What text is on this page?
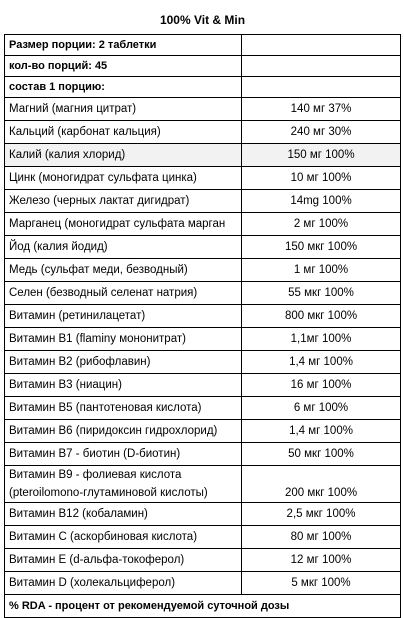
100% Vit & Min	
Размер порции: 2 таблетки	
кол-во порций: 45	
состав 1 порцию:	
Магний (магния цитрат)	140 мг 37%
Кальций (карбонат кальция)	240 мг 30%
Калий (калия хлорид)	150 мг 100%
Цинк (моногидрат сульфата цинка)	10 мг 100%
Железо (черных лактат дигидрат)	14mg 100%
Марганец (моногидрат сульфата марган	2 мг 100%
Йод (калия йодид)	150 мкг 100%
Медь (сульфат меди, безводный)	1 мг 100%
Селен (безводный селенат натрия)	55 мкг 100%
Витамин (ретинилацетат)	800 мкг 100%
Витамин B1 (flaminy мононитрат)	1,1мг 100%
Витамин B2 (рибофлавин)	1,4 мг 100%
Витамин B3 (ниацин)	16 мг 100%
Витамин B5 (пантотеновая кислота)	6 мг 100%
Витамин B6 (пиридоксин гидрохлорид)	1,4 мг 100%
Витамин B7 - биотин (D-биотин)	50 мкг 100%
Витамин B9 - фолиевая кислота (pteroilomono-глутаминовой кислоты)	200 мкг 100%
Витамин B12 (кобаламин)	2,5 мкг 100%
Витамин C (аскорбиновая кислота)	80 мг 100%
Витамин E (d-альфа-токоферол)	12 мг 100%
Витамин D (холекальциферол)	5 мкг 100%
% RDA - процент от рекомендуемой суточной дозы	
